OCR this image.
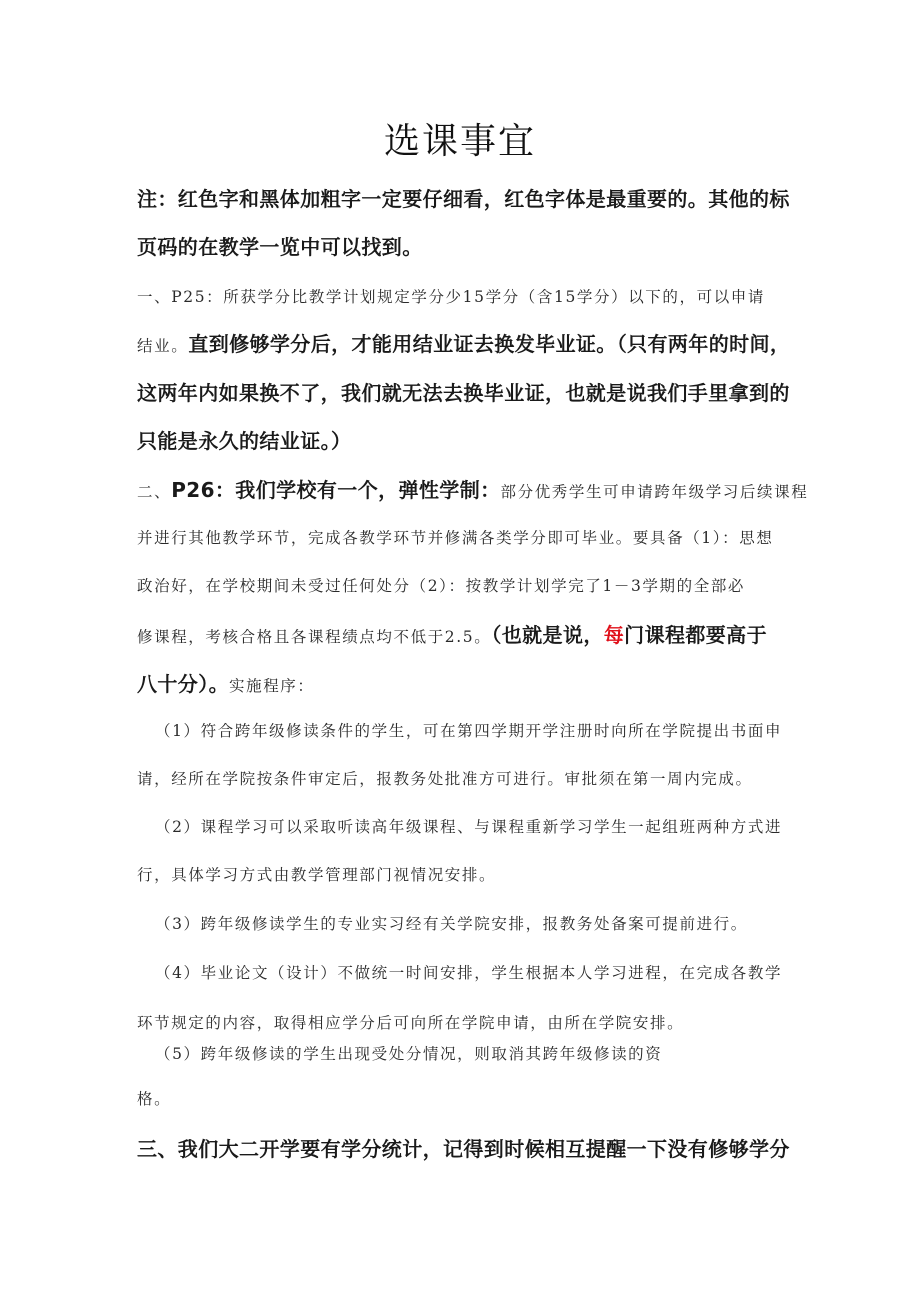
选课事宜
注：红色字和黑体加粗字一定要仔细看，红色字体是最重要的。其他的标
页码的在教学一览中可以找到。
一、P25：所获学分比教学计划规定学分少15学分（含15学分）以下的，可以申请
结业。直到修够学分后，才能用结业证去换发毕业证。（只有两年的时间，
这两年内如果换不了，我们就无法去换毕业证，也就是说我们手里拿到的
只能是永久的结业证。）
二、P26：我们学校有一个，弹性学制：部分优秀学生可申请跨年级学习后续课程
并进行其他教学环节，完成各教学环节并修满各类学分即可毕业。要具备（1）：思想
政治好，在学校期间未受过任何处分（2）：按教学计划学完了1－3学期的全部必
修课程，考核合格且各课程绩点均不低于2.5。（也就是说，每门课程都要高于
八十分）。实施程序：
（1）符合跨年级修读条件的学生，可在第四学期开学注册时向所在学院提出书面申
请，经所在学院按条件审定后，报教务处批准方可进行。审批须在第一周内完成。
（2）课程学习可以采取听读高年级课程、与课程重新学习学生一起组班两种方式进
行，具体学习方式由教学管理部门视情况安排。
（3）跨年级修读学生的专业实习经有关学院安排，报教务处备案可提前进行。
（4）毕业论文（设计）不做统一时间安排，学生根据本人学习进程，在完成各教学
环节规定的内容，取得相应学分后可向所在学院申请，由所在学院安排。
（5）跨年级修读的学生出现受处分情况，则取消其跨年级修读的资
格。
三、我们大二开学要有学分统计，记得到时候相互提醒一下没有修够学分
